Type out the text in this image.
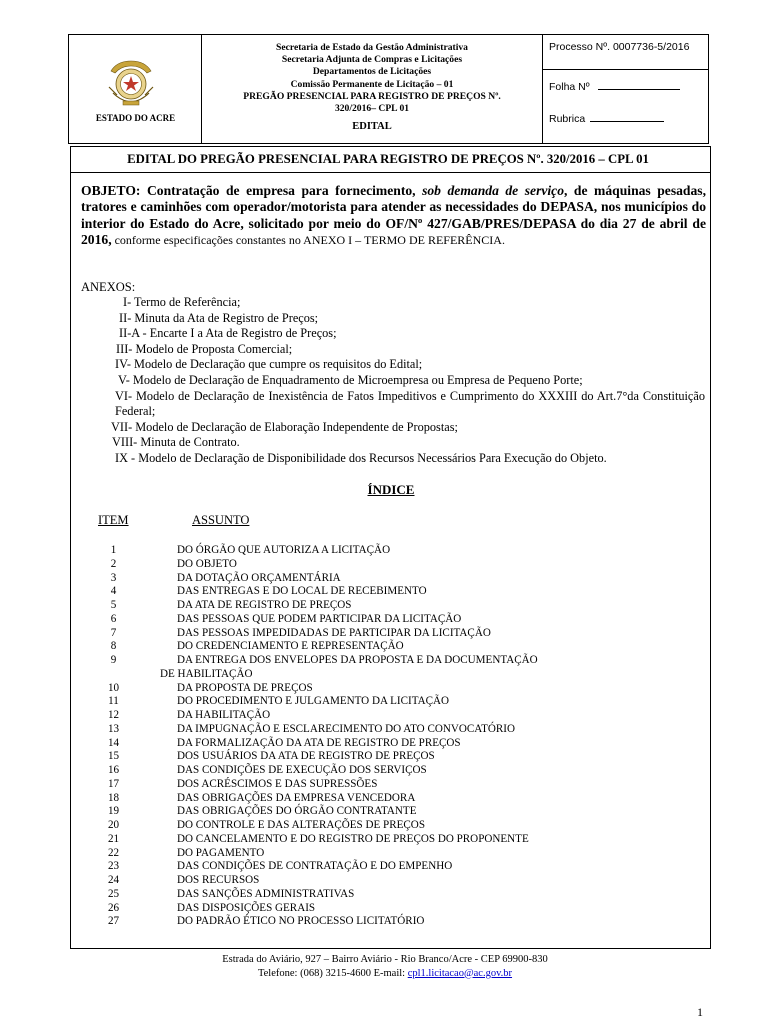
ESTADO DO ACRE
Secretaria de Estado da Gestão Administrativa
Secretaria Adjunta de Compras e Licitações
Departamentos de Licitações
Comissão Permanente de Licitação – 01
PREGÃO PRESENCIAL PARA REGISTRO DE PREÇOS Nº.
320/2016– CPL 01
EDITAL
Processo Nº. 0007736-5/2016
Folha Nº
Rubrica
EDITAL DO PREGÃO PRESENCIAL PARA REGISTRO DE PREÇOS Nº. 320/2016 – CPL 01
OBJETO: Contratação de empresa para fornecimento, sob demanda de serviço, de máquinas pesadas, tratores e caminhões com operador/motorista para atender as necessidades do DEPASA, nos municípios do interior do Estado do Acre, solicitado por meio do OF/Nº 427/GAB/PRES/DEPASA do dia 27 de abril de 2016, conforme especificações constantes no ANEXO I – TERMO DE REFERÊNCIA.
ANEXOS:
I- Termo de Referência;
II- Minuta da Ata de Registro de Preços;
II-A - Encarte I a Ata de Registro de Preços;
III- Modelo de Proposta Comercial;
IV- Modelo de Declaração que cumpre os requisitos do Edital;
V- Modelo de Declaração de Enquadramento de Microempresa ou Empresa de Pequeno Porte;
VI- Modelo de Declaração de Inexistência de Fatos Impeditivos e Cumprimento do XXXIII do Art.7°da Constituição Federal;
VII- Modelo de Declaração de Elaboração Independente de Propostas;
VIII- Minuta de Contrato.
IX - Modelo de Declaração de Disponibilidade dos Recursos Necessários Para Execução do Objeto.
ÍNDICE
ITEM	ASSUNTO
1	DO ÓRGÃO QUE AUTORIZA A LICITAÇÃO
2	DO OBJETO
3	DA DOTAÇÃO ORÇAMENTÁRIA
4	DAS ENTREGAS E DO LOCAL DE RECEBIMENTO
5	DA ATA DE REGISTRO DE PREÇOS
6	DAS PESSOAS QUE PODEM PARTICIPAR DA LICITAÇÃO
7	DAS PESSOAS IMPEDIDADAS DE PARTICIPAR DA LICITAÇÃO
8	DO CREDENCIAMENTO E REPRESENTAÇÃO
9	DA ENTREGA DOS ENVELOPES DA PROPOSTA E DA DOCUMENTAÇÃO
DE HABILITAÇÃO
10	DA PROPOSTA DE PREÇOS
11	DO PROCEDIMENTO E JULGAMENTO DA LICITAÇÃO
12	DA HABILITAÇÃO
13	DA IMPUGNAÇÃO E ESCLARECIMENTO DO ATO CONVOCATÓRIO
14	DA FORMALIZAÇÃO DA ATA DE REGISTRO DE PREÇOS
15	DOS USUÁRIOS DA ATA DE REGISTRO DE PREÇOS
16	DAS CONDIÇÕES DE EXECUÇÃO DOS SERVIÇOS
17	DOS ACRÉSCIMOS E DAS SUPRESSÕES
18	DAS OBRIGAÇÕES DA EMPRESA VENCEDORA
19	DAS OBRIGAÇÕES DO ÓRGÃO CONTRATANTE
20	DO CONTROLE E DAS ALTERAÇÕES DE PREÇOS
21	DO CANCELAMENTO E DO REGISTRO DE PREÇOS DO PROPONENTE
22	DO PAGAMENTO
23	DAS CONDIÇÕES DE CONTRATAÇÃO E DO EMPENHO
24	DOS RECURSOS
25	DAS SANÇÕES ADMINISTRATIVAS
26	DAS DISPOSIÇÕES GERAIS
27	DO PADRÃO ÉTICO NO PROCESSO LICITATÓRIO
Estrada do Aviário, 927 – Bairro Aviário - Rio Branco/Acre - CEP 69900-830
Telefone: (068) 3215-4600 E-mail: cpl1.licitacao@ac.gov.br
1
